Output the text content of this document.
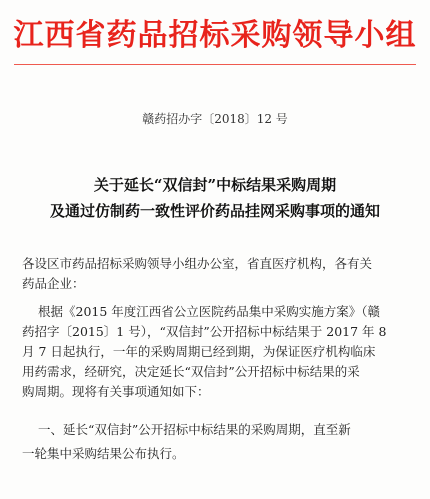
江西省药品招标采购领导小组
赣药招办字〔2018〕12 号
关于延长“双信封”中标结果采购周期
及通过仿制药一致性评价药品挂网采购事项的通知
各设区市药品招标采购领导小组办公室，省直医疗机构，各有关
药品企业：
根据《2015 年度江西省公立医院药品集中采购实施方案》（赣
药招字〔2015〕1 号），“双信封”公开招标中标结果于 2017 年 8
月 7 日起执行，一年的采购周期已经到期，为保证医疗机构临床
用药需求，经研究，决定延长“双信封”公开招标中标结果的采
购周期。现将有关事项通知如下：
一、延长“双信封”公开招标中标结果的采购周期，直至新
一轮集中采购结果公布执行。
